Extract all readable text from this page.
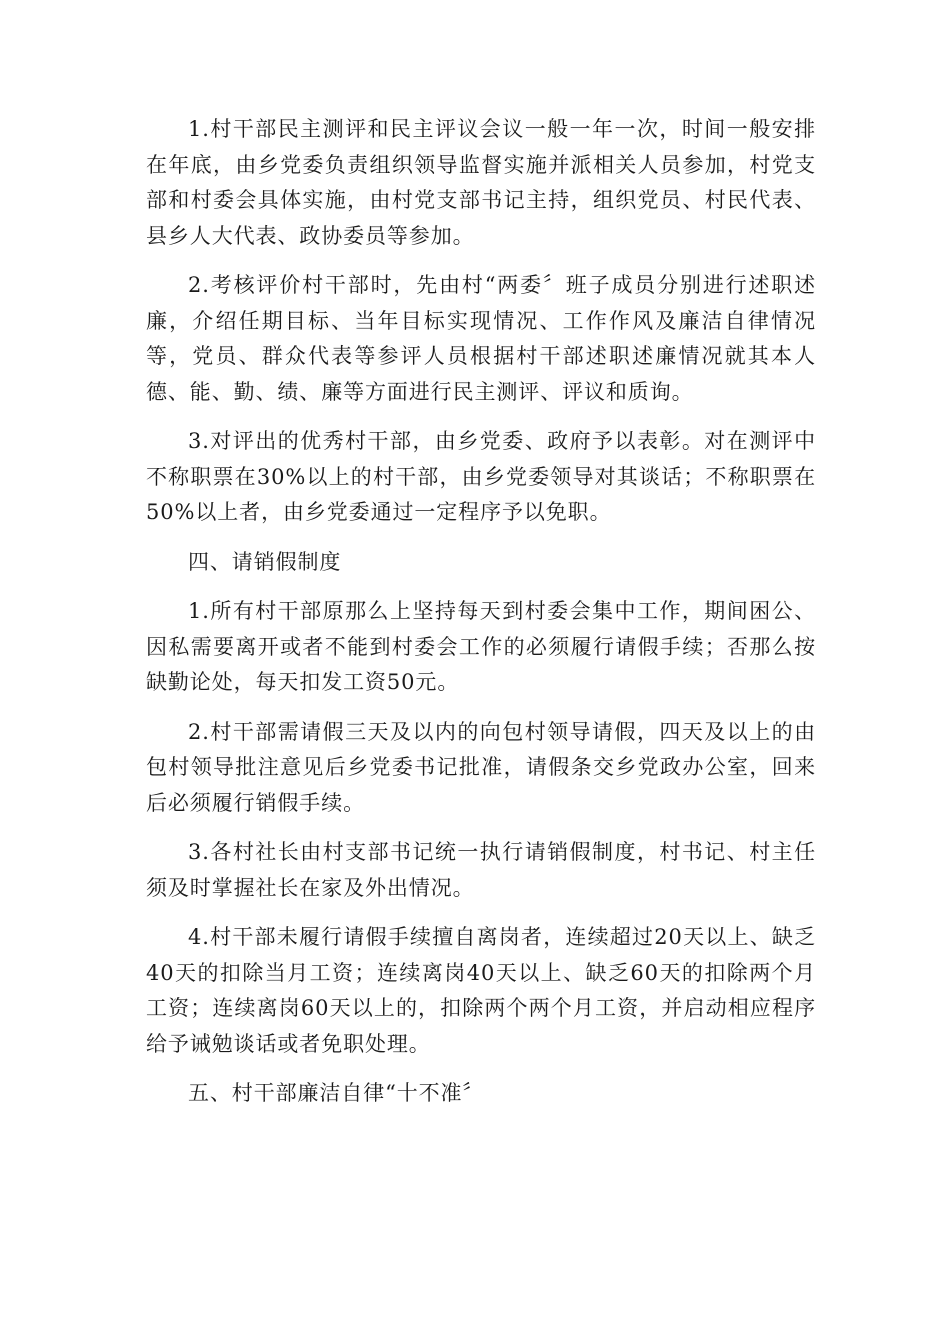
1.村干部民主测评和民主评议会议一般一年一次，时间一般安排在年底，由乡党委负责组织领导监督实施并派相关人员参加，村党支部和村委会具体实施，由村党支部书记主持，组织党员、村民代表、县乡人大代表、政协委员等参加。

2.考核评价村干部时，先由村“两委〞班子成员分别进行述职述廉，介绍任期目标、当年目标实现情况、工作作风及廉洁自律情况等，党员、群众代表等参评人员根据村干部述职述廉情况就其本人德、能、勤、绩、廉等方面进行民主测评、评议和质询。

3.对评出的优秀村干部，由乡党委、政府予以表彰。对在测评中不称职票在30%以上的村干部，由乡党委领导对其谈话；不称职票在50%以上者，由乡党委通过一定程序予以免职。

四、请销假制度

1.所有村干部原那么上坚持每天到村委会集中工作，期间困公、因私需要离开或者不能到村委会工作的必须履行请假手续；否那么按缺勤论处，每天扣发工资50元。

2.村干部需请假三天及以内的向包村领导请假，四天及以上的由包村领导批注意见后乡党委书记批准，请假条交乡党政办公室，回来后必须履行销假手续。

3.各村社长由村支部书记统一执行请销假制度，村书记、村主任须及时掌握社长在家及外出情况。

4.村干部未履行请假手续擅自离岗者，连续超过20天以上、缺乏40天的扣除当月工资；连续离岗40天以上、缺乏60天的扣除两个月工资；连续离岗60天以上的，扣除两个两个月工资，并启动相应程序给予诫勉谈话或者免职处理。

五、村干部廉洁自律“十不准〞
